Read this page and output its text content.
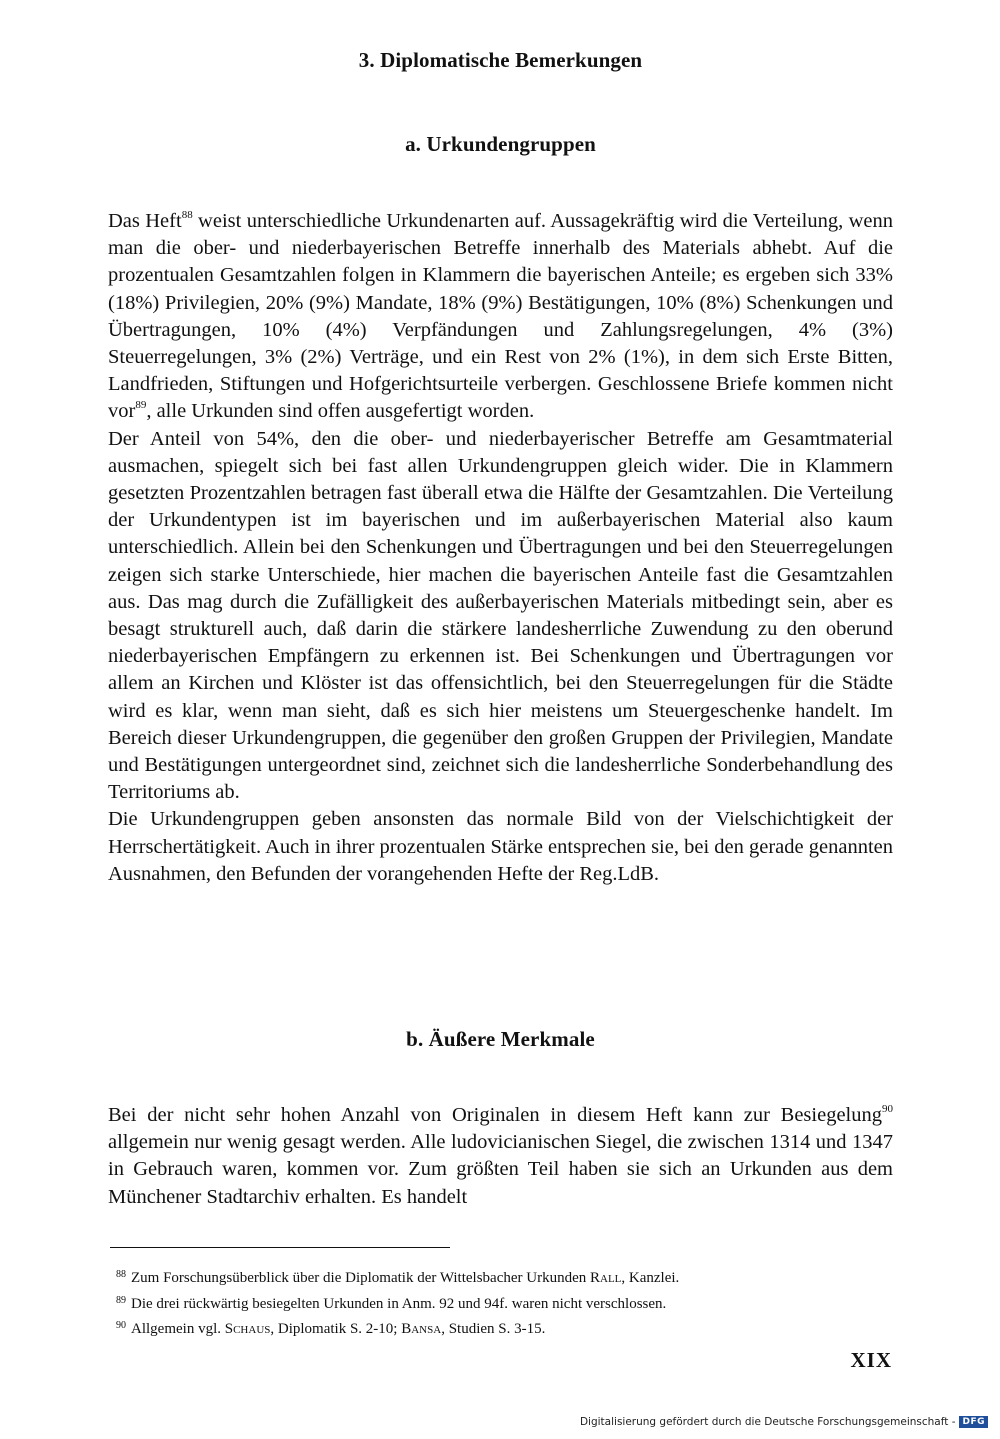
3. Diplomatische Bemerkungen
a. Urkundengruppen

Das Heft$^{88}$ weist unterschiedliche Urkundenarten auf. Aussagekräftig wird die Verteilung, wenn man die ober- und niederbayerischen Betreffe innerhalb des Materials abhebt. Auf die prozentualen Gesamtzahlen folgen in Klammern die bayerischen Anteile; es ergeben sich 33% (18%) Privilegien, 20% (9%) Mandate, 18% (9%) Bestätigungen, 10% (8%) Schenkungen und Übertragungen, 10% (4%) Verpfändungen und Zahlungsregelungen, 4% (3%) Steuerregelungen, 3% (2%) Verträge, und ein Rest von 2% (1%), in dem sich Erste Bitten, Landfrieden, Stiftungen und Hofgerichtsurteile verbergen. Geschlossene Briefe kommen nicht vor$^{89}$, alle Urkunden sind offen ausgefertigt worden.

Der Anteil von 54%, den die ober- und niederbayerischer Betreffe am Gesamtmaterial ausmachen, spiegelt sich bei fast allen Urkundengruppen gleich wider. Die in Klammern gesetzten Prozentzahlen betragen fast überall etwa die Hälfte der Gesamtzahlen. Die Verteilung der Urkundentypen ist im bayerischen und im außerbayerischen Material also kaum unterschiedlich. Allein bei den Schenkungen und Übertragungen und bei den Steuerregelungen zeigen sich starke Unterschiede, hier machen die bayerischen Anteile fast die Gesamtzahlen aus. Das mag durch die Zufälligkeit des außerbayerischen Materials mitbedingt sein, aber es besagt strukturell auch, daß darin die stärkere landesherrliche Zuwendung zu den oberund niederbayerischen Empfängern zu erkennen ist. Bei Schenkungen und Übertragungen vor allem an Kirchen und Klöster ist das offensichtlich, bei den Steuerregelungen für die Städte wird es klar, wenn man sieht, daß es sich hier meistens um Steuergeschenke handelt. Im Bereich dieser Urkundengruppen, die gegenüber den großen Gruppen der Privilegien, Mandate und Bestätigungen untergeordnet sind, zeichnet sich die landesherrliche Sonderbehandlung des Territoriums ab.

Die Urkundengruppen geben ansonsten das normale Bild von der Vielschichtigkeit der Herrschertätigkeit. Auch in ihrer prozentualen Stärke entsprechen sie, bei den gerade genannten Ausnahmen, den Befunden der vorangehenden Hefte der Reg.LdB.

b. Äußere Merkmale

Bei der nicht sehr hohen Anzahl von Originalen in diesem Heft kann zur Besiegelung$^{90}$ allgemein nur wenig gesagt werden. Alle ludovicianischen Siegel, die zwischen 1314 und 1347 in Gebrauch waren, kommen vor. Zum größten Teil haben sie sich an Urkunden aus dem Münchener Stadtarchiv erhalten. Es handelt

$^{88}$ Zum Forschungsüberblick über die Diplomatik der Wittelsbacher Urkunden Rall, Kanzlei.
$^{89}$ Die drei rückwärtig besiegelten Urkunden in Anm. 92 und 94f. waren nicht verschlossen.
$^{90}$ Allgemein vgl. Schaus, Diplomatik S. 2-10; Bansa, Studien S. 3-15.
XIX
Digitalisierung gefördert durch die Deutsche Forschungsgemeinschaft - DFG
